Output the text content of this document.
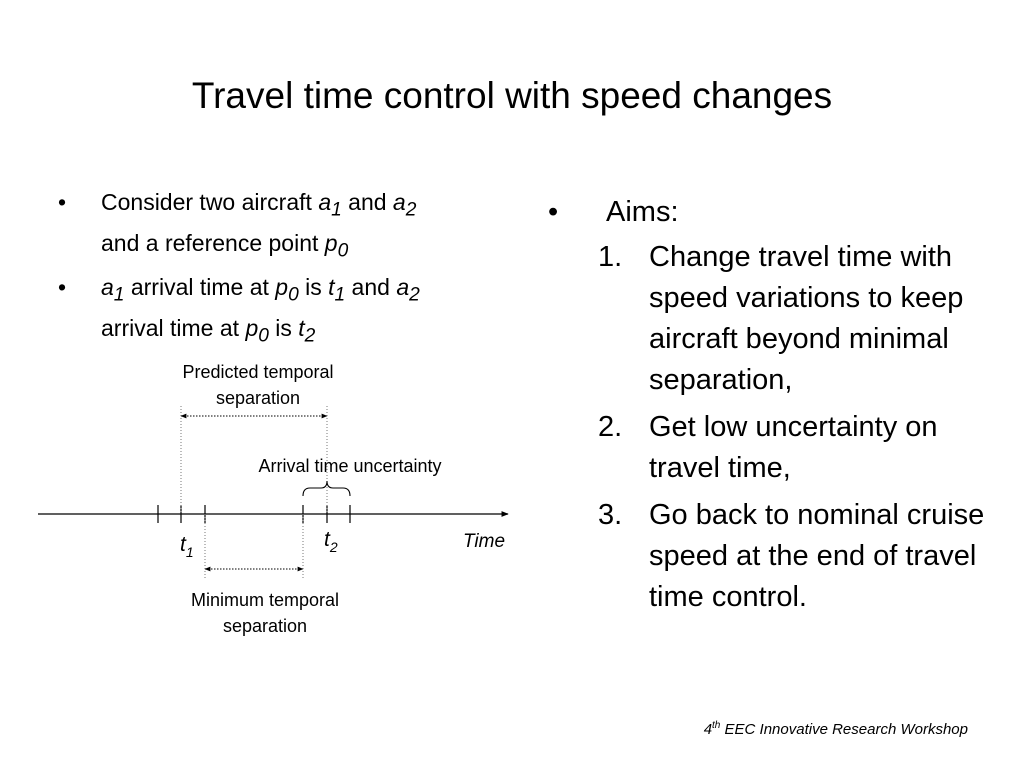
Travel time control with speed changes
•	Consider two aircraft $a_1$ and $a_2$
and a reference point $p_0$
•	$a_1$ arrival time at $p_0$ is $t_1$ and $a_2$
arrival time at $p_0$ is $t_2$
• Aims:
1. Change travel time with speed variations to keep aircraft beyond minimal separation,
2. Get low uncertainty on travel time,
3. Go back to nominal cruise speed at the end of travel time control.
Predicted temporal
separation
Arrival time uncertainty
$t_1$
$t_2$	Time
Minimum temporal
separation
4th EEC Innovative Research Workshop
